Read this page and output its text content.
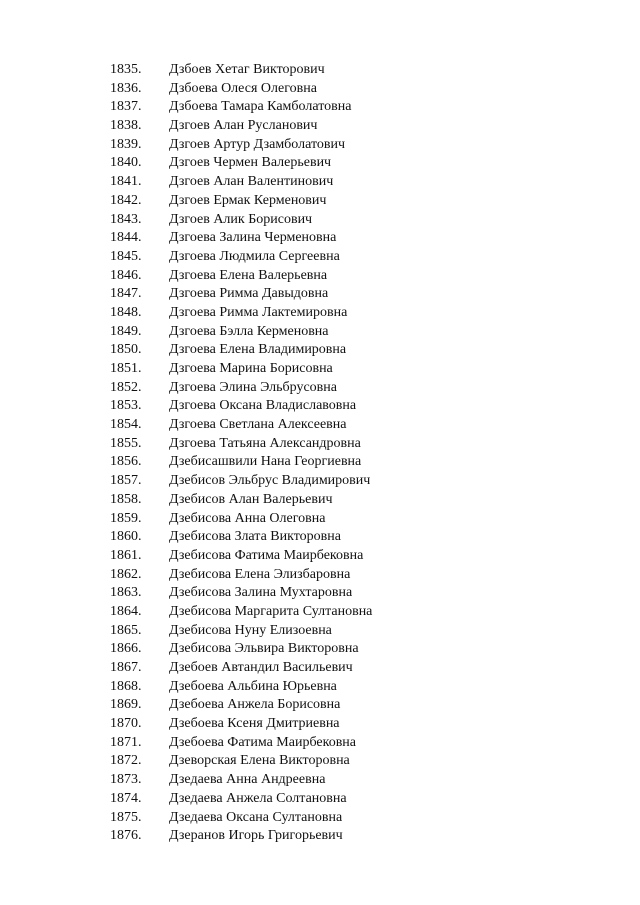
1835. Дзбоев Хетаг Викторович
1836. Дзбоева Олеся Олеговна
1837. Дзбоева Тамара Камболатовна
1838. Дзгоев Алан Русланович
1839. Дзгоев Артур Дзамболатович
1840. Дзгоев Чермен Валерьевич
1841. Дзгоев Алан Валентинович
1842. Дзгоев Ермак Керменович
1843. Дзгоев Алик Борисович
1844. Дзгоева Залина Черменовна
1845. Дзгоева Людмила Сергеевна
1846. Дзгоева Елена Валерьевна
1847. Дзгоева Римма Давыдовна
1848. Дзгоева Римма Лактемировна
1849. Дзгоева Бэлла Керменовна
1850. Дзгоева Елена Владимировна
1851. Дзгоева Марина Борисовна
1852. Дзгоева Элина Эльбрусовна
1853. Дзгоева Оксана Владиславовна
1854. Дзгоева Светлана Алексеевна
1855. Дзгоева Татьяна Александровна
1856. Дзебисашвили Нана Георгиевна
1857. Дзебисов Эльбрус Владимирович
1858. Дзебисов Алан Валерьевич
1859. Дзебисова Анна Олеговна
1860. Дзебисова Злата Викторовна
1861. Дзебисова Фатима Маирбековна
1862. Дзебисова Елена Элизбаровна
1863. Дзебисова Залина Мухтаровна
1864. Дзебисова Маргарита Султановна
1865. Дзебисова Нуну Елизоевна
1866. Дзебисова Эльвира Викторовна
1867. Дзебоев Автандил Васильевич
1868. Дзебоева Альбина Юрьевна
1869. Дзебоева Анжела Борисовна
1870. Дзебоева Ксеня Дмитриевна
1871. Дзебоева Фатима Маирбековна
1872. Дзеворская Елена Викторовна
1873. Дзедаева Анна Андреевна
1874. Дзедаева Анжела Солтановна
1875. Дзедаева Оксана Султановна
1876. Дзеранов Игорь Григорьевич
